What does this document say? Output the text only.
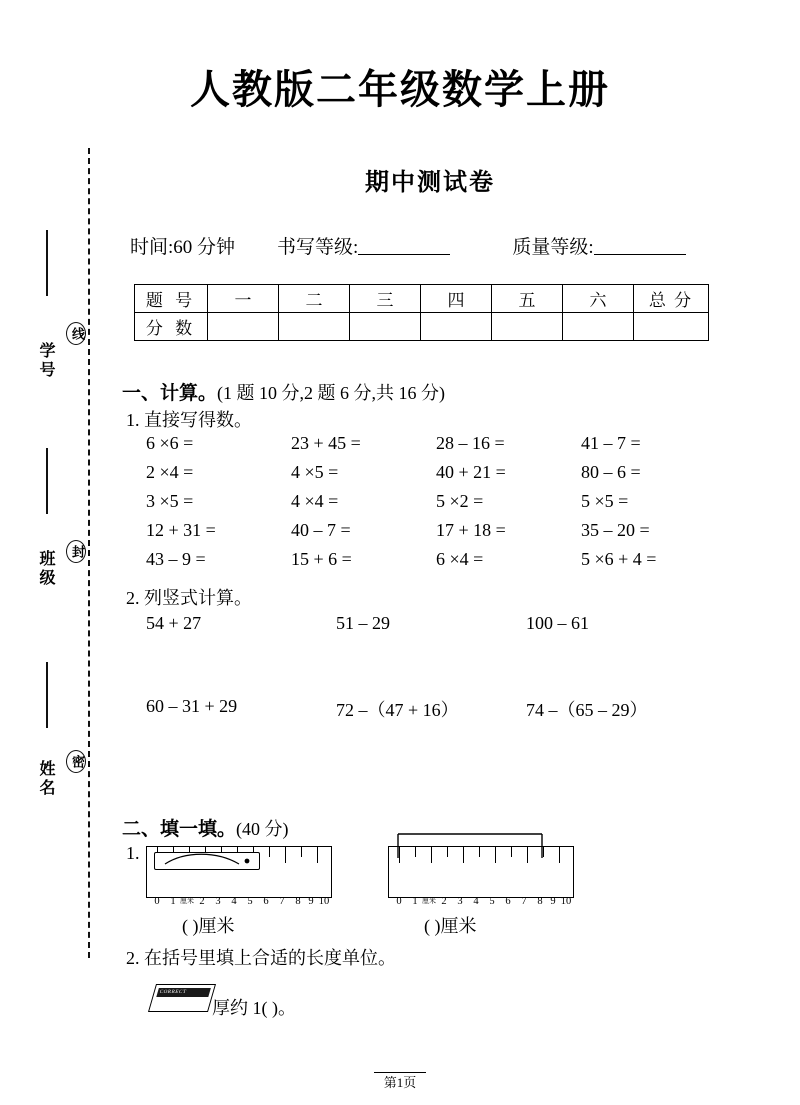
人教版二年级数学上册
期中测试卷
学号
线
班级	封
姓名	密
时间:60 分钟 书写等级:	质量等级:
题 号	一	二	三	四	五	六	总 分
分 数							
一、计算。(1 题 10 分,2 题 6 分,共 16 分)
1. 直接写得数。
6 ×6 =	23 + 45 =	28 – 16 =	41 – 7 =
2 ×4 =	4 ×5 =	40 + 21 =	80 – 6 =
3 ×5 =	4 ×4 =	5 ×2 =	5 ×5 =
12 + 31 =	40 – 7 =	17 + 18 =	35 – 20 =
43 – 9 =	15 + 6 =	6 ×4 =	5 ×6 + 4 =
2. 列竖式计算。
54 + 27	51 – 29	100 – 61
60 – 31 + 29	72 –（47 + 16）	74 –（65 – 29）
二、填一填。(40 分)
1.
0 1 厘米 2 3 4 5 6 7 8 9 10
( )厘米
0 1 厘米 2 3 4 5 6 7 8 9 10
( )厘米
2. 在括号里填上合适的长度单位。
CORRECT
厚约 1( )。
第1页
